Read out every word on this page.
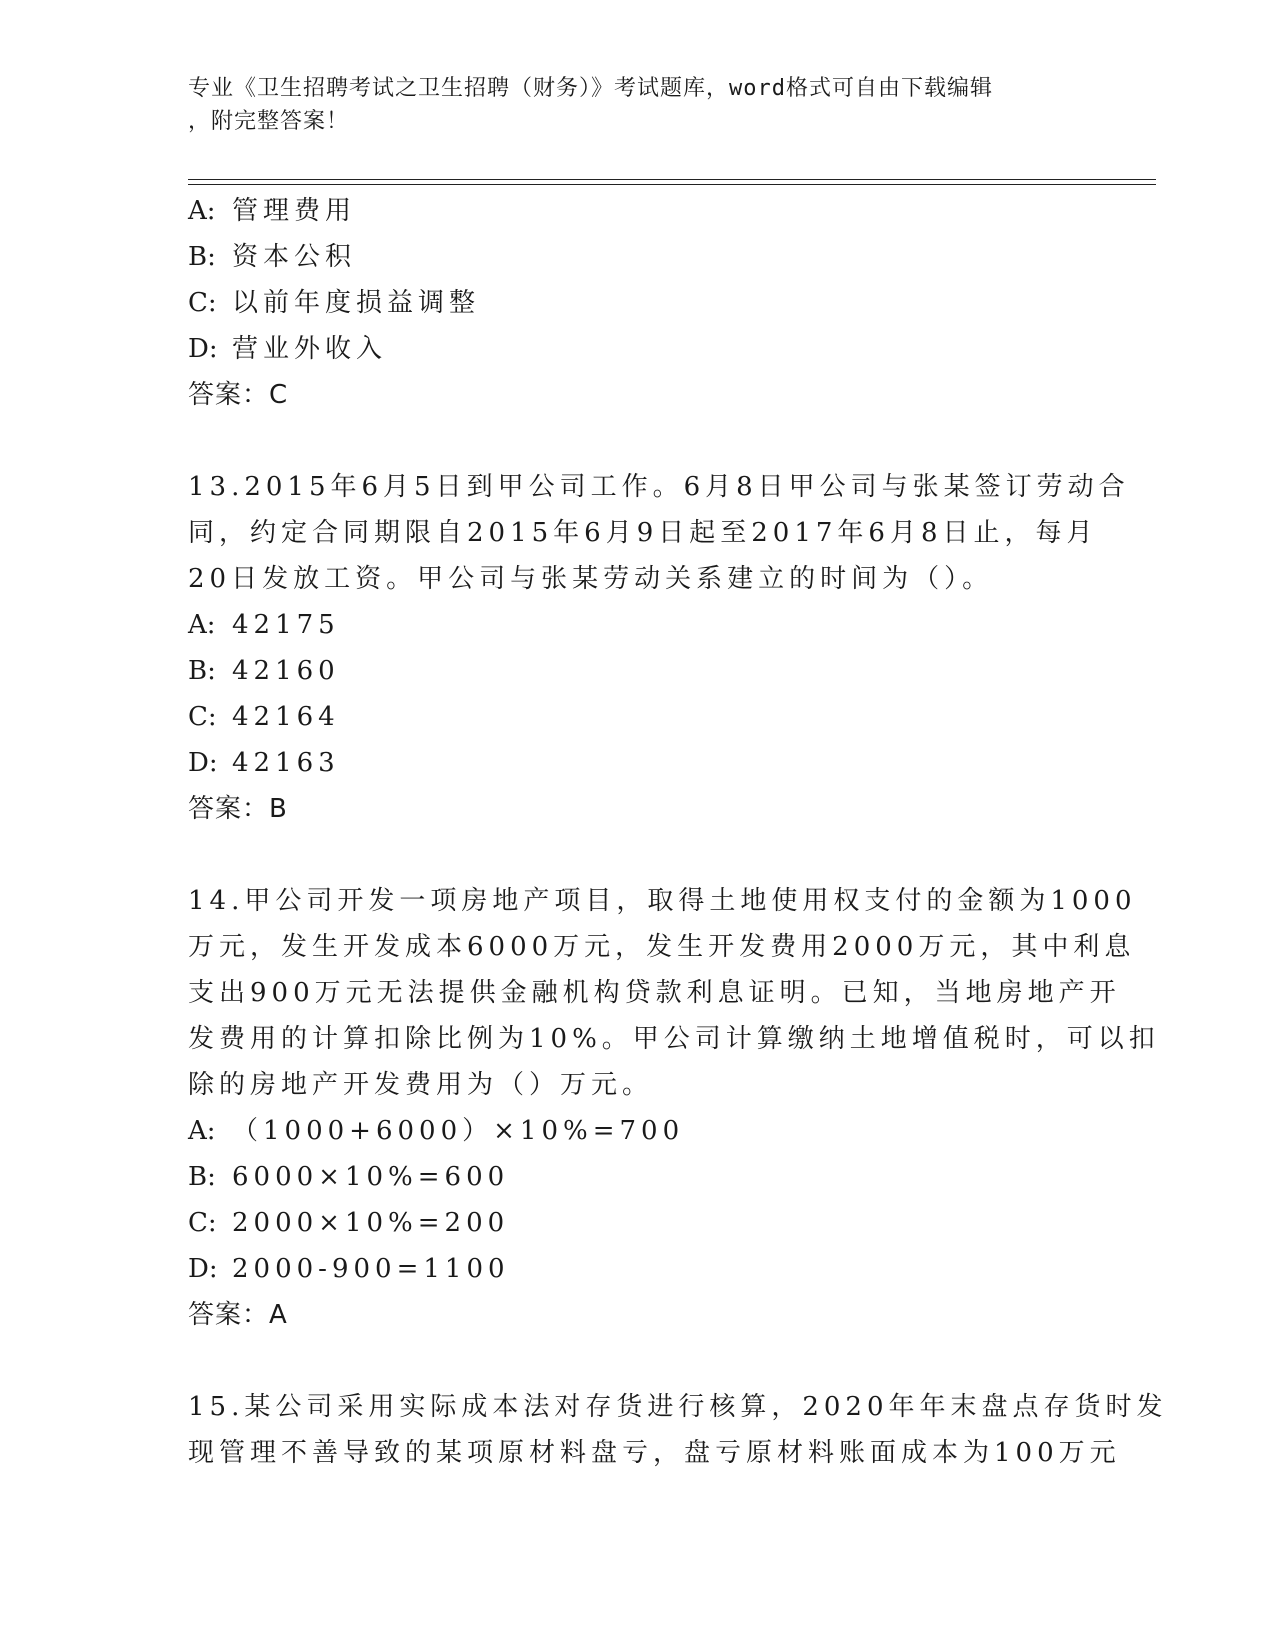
专业《卫生招聘考试之卫生招聘（财务）》考试题库，word格式可自由下载编辑
，附完整答案！
A: 管理费用
B: 资本公积
C: 以前年度损益调整
D: 营业外收入
答案：C
13.2015年6月5日到甲公司工作。6月8日甲公司与张某签订劳动合
同，约定合同期限自2015年6月9日起至2017年6月8日止，每月
20日发放工资。甲公司与张某劳动关系建立的时间为（）。
A: 42175
B: 42160
C: 42164
D: 42163
答案：B
14.甲公司开发一项房地产项目，取得土地使用权支付的金额为1000
万元，发生开发成本6000万元，发生开发费用2000万元，其中利息
支出900万元无法提供金融机构贷款利息证明。已知，当地房地产开
发费用的计算扣除比例为10%。甲公司计算缴纳土地增值税时，可以扣
除的房地产开发费用为（）万元。
A: （1000+6000）×10%=700
B: 6000×10%=600
C: 2000×10%=200
D: 2000-900=1100
答案：A
15.某公司采用实际成本法对存货进行核算，2020年年末盘点存货时发
现管理不善导致的某项原材料盘亏，盘亏原材料账面成本为100万元
